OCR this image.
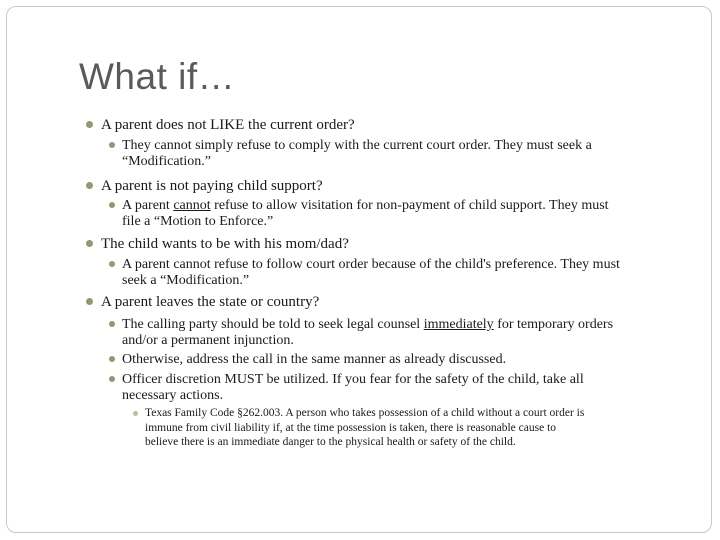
What if…
A parent does not LIKE the current order?
They cannot simply refuse to comply with the current court order. They must seek a
“Modification.”
A parent is not paying child support?
A parent cannot refuse to allow visitation for non-payment of child support. They must
file a “Motion to Enforce.”
The child wants to be with his mom/dad?
A parent cannot refuse to follow court order because of the child's preference. They must
seek a “Modification.”
A parent leaves the state or country?
The calling party should be told to seek legal counsel immediately for temporary orders
and/or a permanent injunction.
Otherwise, address the call in the same manner as already discussed.
Officer discretion MUST be utilized. If you fear for the safety of the child, take all
necessary actions.
Texas Family Code §262.003. A person who takes possession of a child without a court order is
immune from civil liability if, at the time possession is taken, there is reasonable cause to
believe there is an immediate danger to the physical health or safety of the child.
